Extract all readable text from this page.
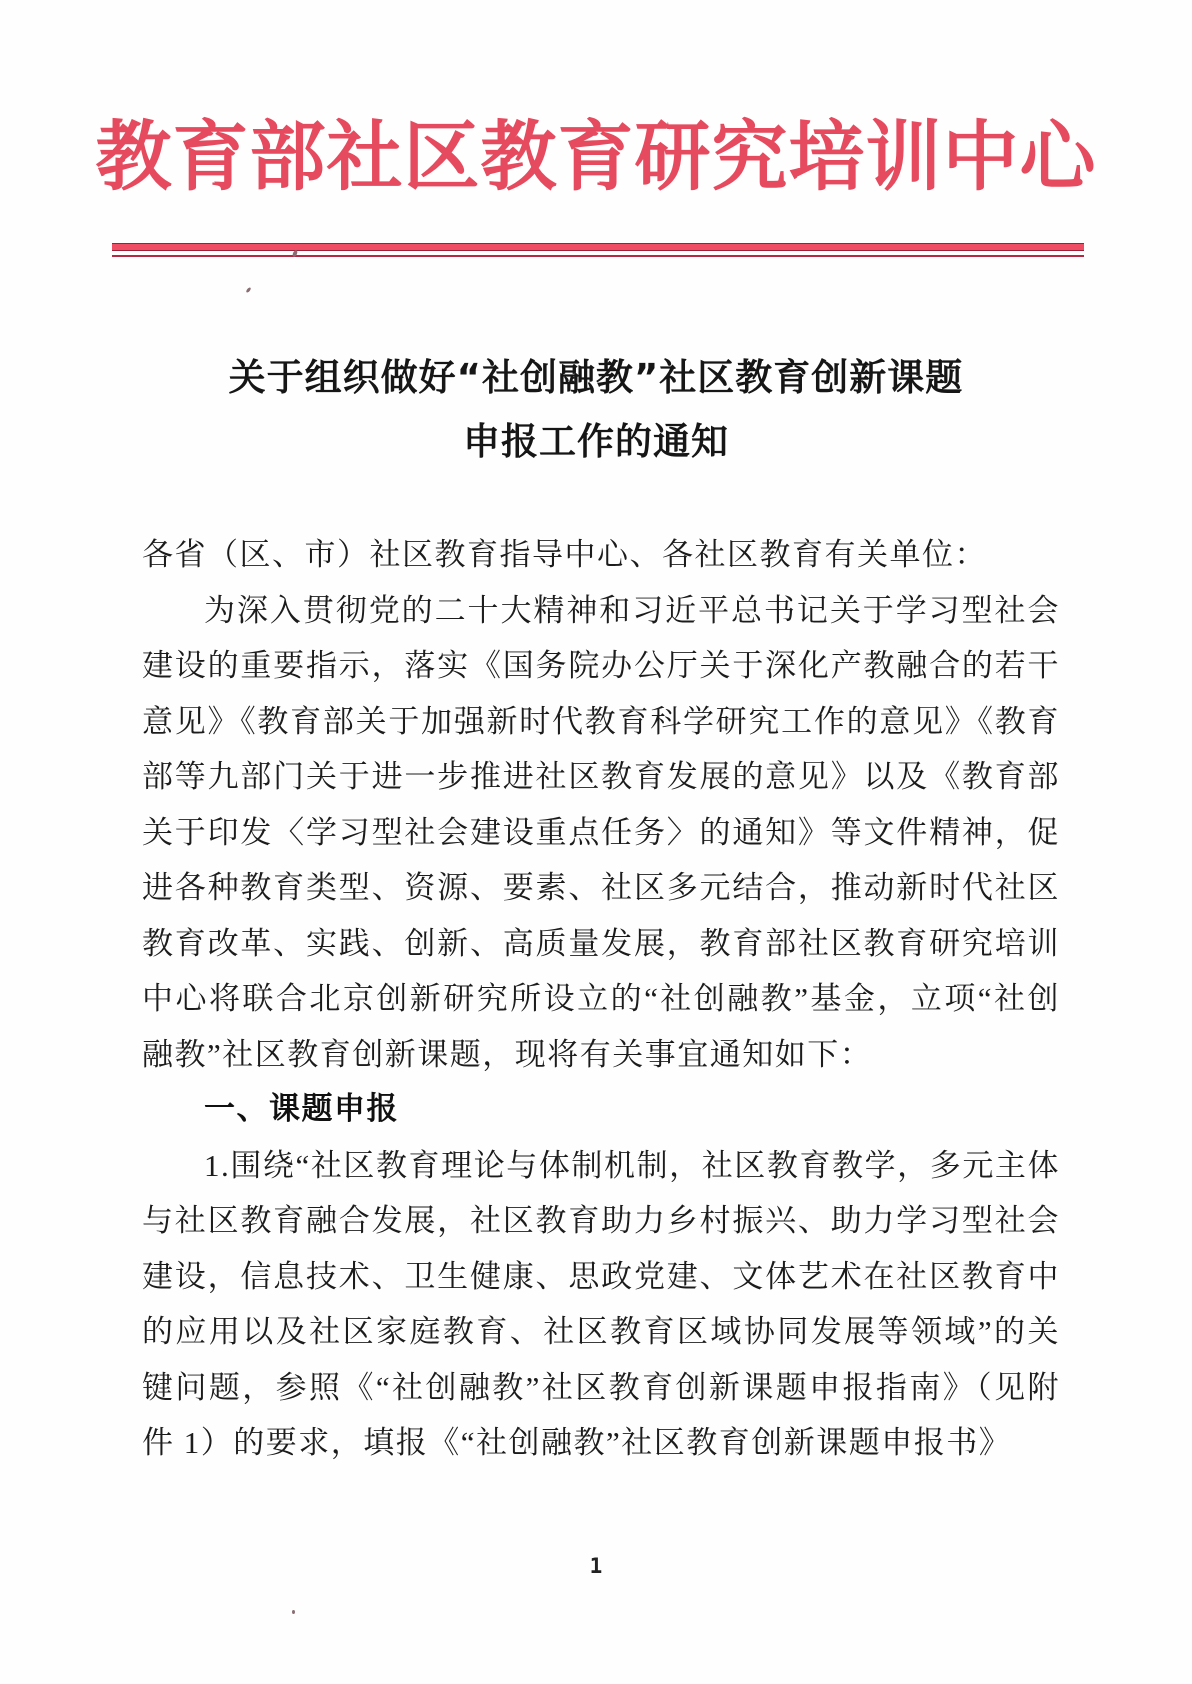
教育部社区教育研究培训中心
关于组织做好“社创融教”社区教育创新课题
申报工作的通知

各省（区、市）社区教育指导中心、各社区教育有关单位：

为深入贯彻党的二十大精神和习近平总书记关于学习型社会建设的重要指示，落实《国务院办公厅关于深化产教融合的若干意见》《教育部关于加强新时代教育科学研究工作的意见》《教育部等九部门关于进一步推进社区教育发展的意见》以及《教育部关于印发〈学习型社会建设重点任务〉的通知》等文件精神，促进各种教育类型、资源、要素、社区多元结合，推动新时代社区教育改革、实践、创新、高质量发展，教育部社区教育研究培训中心将联合北京创新研究所设立的“社创融教”基金，立项“社创融教”社区教育创新课题，现将有关事宜通知如下：

一、课题申报

1.围绕“社区教育理论与体制机制，社区教育教学，多元主体与社区教育融合发展，社区教育助力乡村振兴、助力学习型社会建设，信息技术、卫生健康、思政党建、文体艺术在社区教育中的应用以及社区家庭教育、社区教育区域协同发展等领域”的关键问题，参照《“社创融教”社区教育创新课题申报指南》（见附件 1）的要求，填报《“社创融教”社区教育创新课题申报书》

1
